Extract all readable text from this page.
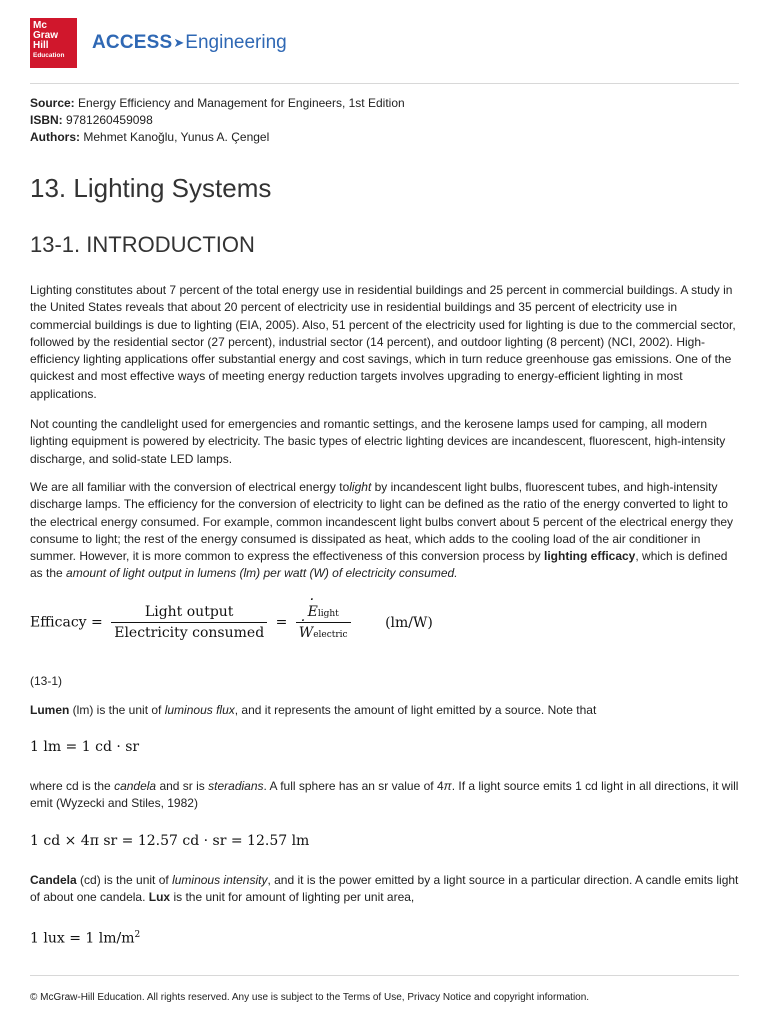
Mc
Graw
Hill
Education
ACCESS➤Engineering
Source: Energy Efficiency and Management for Engineers, 1st Edition
ISBN: 9781260459098
Authors: Mehmet Kanoğlu, Yunus A. Çengel
13. Lighting Systems
13-1. INTRODUCTION

Lighting constitutes about 7 percent of the total energy use in residential buildings and 25 percent in commercial buildings. A study in the United States reveals that about 20 percent of electricity use in residential buildings and 35 percent of electricity use in commercial buildings is due to lighting (EIA, 2005). Also, 51 percent of the electricity used for lighting is due to the commercial sector, followed by the residential sector (27 percent), industrial sector (14 percent), and outdoor lighting (8 percent) (NCI, 2002). High-efficiency lighting applications offer substantial energy and cost savings, which in turn reduce greenhouse gas emissions. One of the quickest and most effective ways of meeting energy reduction targets involves upgrading to energy-efficient lighting in most applications.

Not counting the candlelight used for emergencies and romantic settings, and the kerosene lamps used for camping, all modern lighting equipment is powered by electricity. The basic types of electric lighting devices are incandescent, fluorescent, high-intensity discharge, and solid-state LED lamps.

We are all familiar with the conversion of electrical energy tolight by incandescent light bulbs, fluorescent tubes, and high-intensity discharge lamps. The efficiency for the conversion of electricity to light can be defined as the ratio of the energy converted to light to the electrical energy consumed. For example, common incandescent light bulbs convert about 5 percent of the electrical energy they consume to light; the rest of the energy consumed is dissipated as heat, which adds to the cooling load of the air conditioner in summer. However, it is more common to express the effectiveness of this conversion process by lighting efficacy, which is defined as the amount of light output in lumens (lm) per watt (W) of electricity consumed.

Efficacy = $\frac{\text{Light output}}{\text{Electricity consumed}}$ =
· Elight
· Welectric (lm/W)

(13-1)

Lumen (lm) is the unit of luminous flux, and it represents the amount of light emitted by a source. Note that

1 lm = 1 cd · sr

where cd is the candela and sr is steradians. A full sphere has an sr value of 4π. If a light source emits 1 cd light in all directions, it will emit (Wyzecki and Stiles, 1982)

1 cd × 4π sr = 12.57 cd · sr = 12.57 lm

Candela (cd) is the unit of luminous intensity, and it is the power emitted by a light source in a particular direction. A candle emits light of about one candela. Lux is the unit for amount of lighting per unit area,

1 lux = 1 $lm/m^2$
© McGraw-Hill Education. All rights reserved. Any use is subject to the Terms of Use, Privacy Notice and copyright information.
